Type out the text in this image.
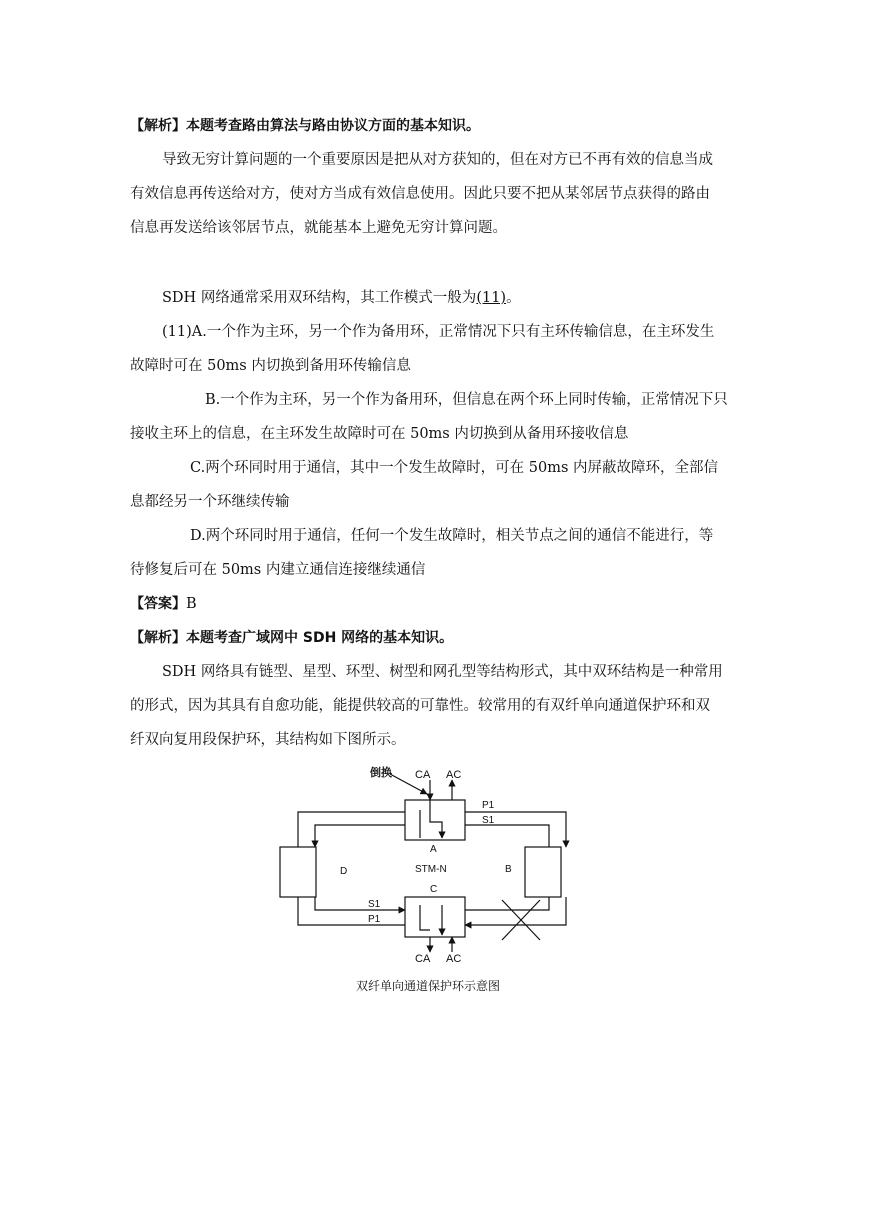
【解析】本题考查路由算法与路由协议方面的基本知识。
导致无穷计算问题的一个重要原因是把从对方获知的，但在对方已不再有效的信息当成
有效信息再传送给对方，使对方当成有效信息使用。因此只要不把从某邻居节点获得的路由
信息再发送给该邻居节点，就能基本上避免无穷计算问题。
SDH 网络通常采用双环结构，其工作模式一般为(11)。
(11)A.一个作为主环，另一个作为备用环，正常情况下只有主环传输信息，在主环发生
故障时可在 50ms 内切换到备用环传输信息
B.一个作为主环，另一个作为备用环，但信息在两个环上同时传输，正常情况下只
接收主环上的信息，在主环发生故障时可在 50ms 内切换到从备用环接收信息
C.两个环同时用于通信，其中一个发生故障时，可在 50ms 内屏蔽故障环，全部信
息都经另一个环继续传输
D.两个环同时用于通信，任何一个发生故障时，相关节点之间的通信不能进行，等
待修复后可在 50ms 内建立通信连接继续通信
【答案】B
【解析】本题考查广域网中 SDH 网络的基本知识。
SDH 网络具有链型、星型、环型、树型和网孔型等结构形式，其中双环结构是一种常用
的形式，因为其具有自愈功能，能提供较高的可靠性。较常用的有双纤单向通道保护环和双
纤双向复用段保护环，其结构如下图所示。
倒换 CA AC
P1
S1
A
STM-N	B
D
C
S1
P1
CA AC
双纤单向通道保护环示意图
